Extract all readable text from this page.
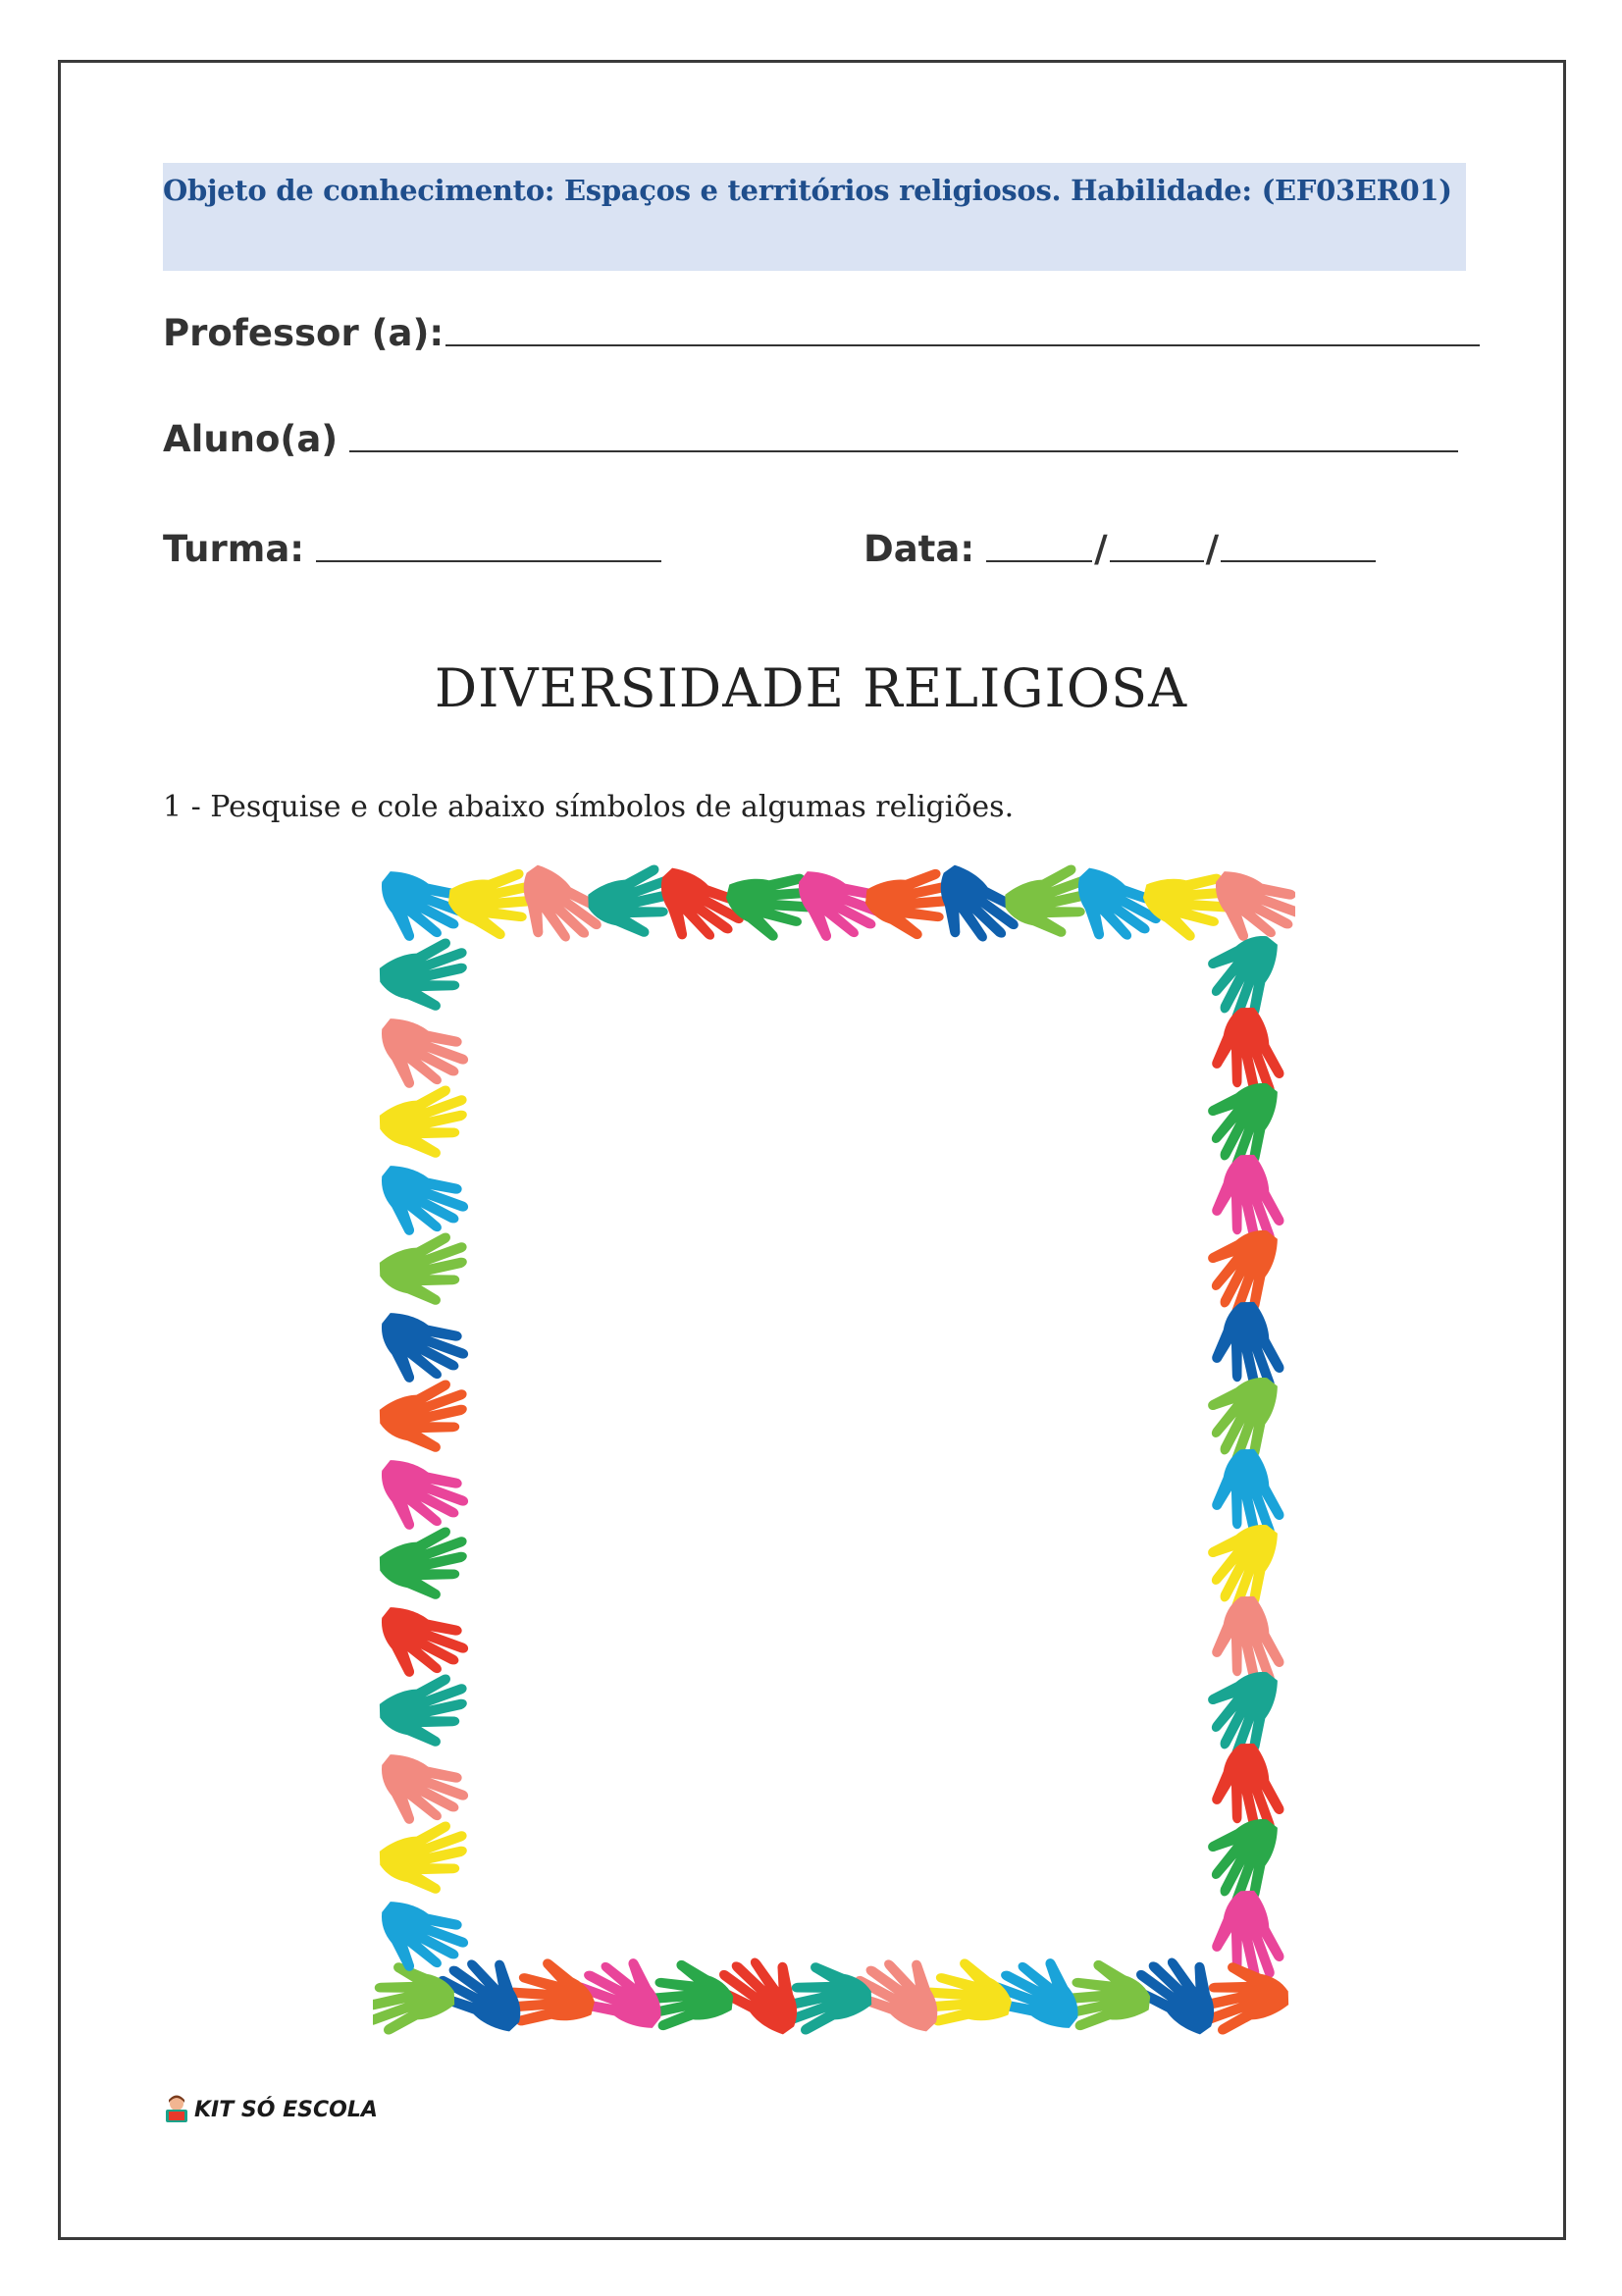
Objeto de conhecimento: Espaços e territórios religiosos. Habilidade: (EF03ER01)
Professor (a):
Aluno(a)
Turma:	Data:	/	/
DIVERSIDADE RELIGIOSA
1 - Pesquise e cole abaixo símbolos de algumas religiões.
KIT SÓ ESCOLA
